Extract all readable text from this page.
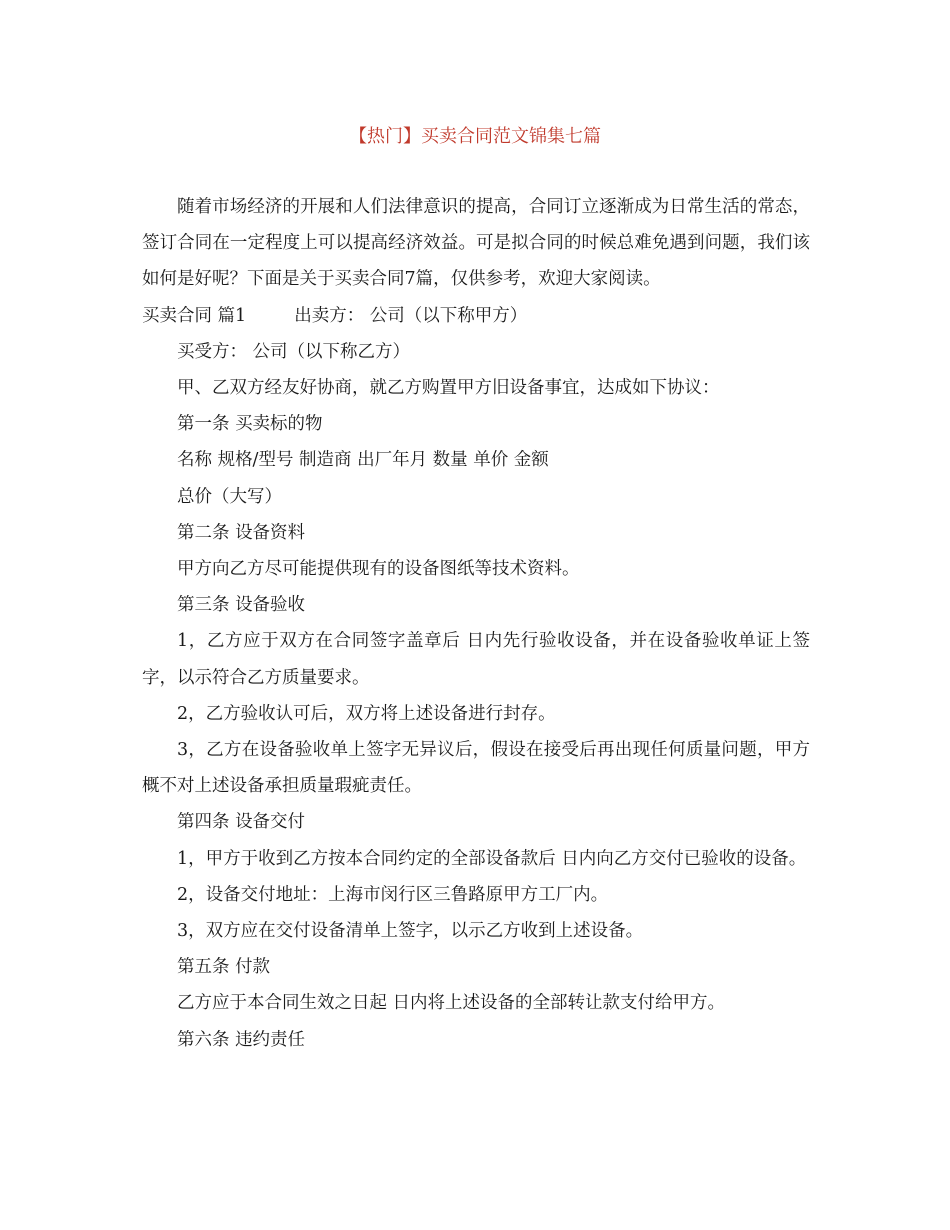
【热门】买卖合同范文锦集七篇

随着市场经济的开展和人们法律意识的提高，合同订立逐渐成为日常生活的常态，签订合同在一定程度上可以提高经济效益。可是拟合同的时候总难免遇到问题，我们该如何是好呢？下面是关于买卖合同7篇，仅供参考，欢迎大家阅读。

买卖合同 篇1	出卖方： 公司（以下称甲方）

买受方： 公司（以下称乙方）

甲、乙双方经友好协商，就乙方购置甲方旧设备事宜，达成如下协议：

第一条 买卖标的物

名称 规格/型号 制造商 出厂年月 数量 单价 金额

总价（大写）

第二条 设备资料

甲方向乙方尽可能提供现有的设备图纸等技术资料。

第三条 设备验收

1，乙方应于双方在合同签字盖章后 日内先行验收设备，并在设备验收单证上签字，以示符合乙方质量要求。

2，乙方验收认可后，双方将上述设备进行封存。

3，乙方在设备验收单上签字无异议后，假设在接受后再出现任何质量问题，甲方概不对上述设备承担质量瑕疵责任。

第四条 设备交付

1，甲方于收到乙方按本合同约定的全部设备款后 日内向乙方交付已验收的设备。

2，设备交付地址：上海市闵行区三鲁路原甲方工厂内。

3，双方应在交付设备清单上签字，以示乙方收到上述设备。

第五条 付款

乙方应于本合同生效之日起 日内将上述设备的全部转让款支付给甲方。

第六条 违约责任
